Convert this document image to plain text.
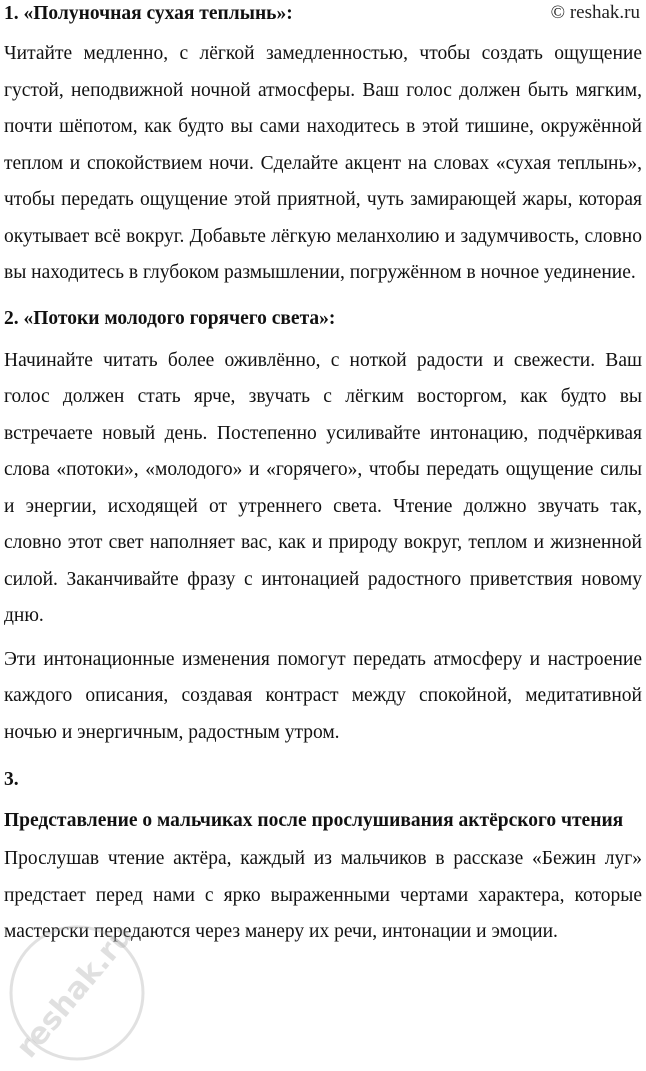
1. «Полуночная сухая теплынь»:	© reshak.ru

Читайте медленно, с лёгкой замедленностью, чтобы создать ощущение густой, неподвижной ночной атмосферы. Ваш голос должен быть мягким, почти шёпотом, как будто вы сами находитесь в этой тишине, окружённой теплом и спокойствием ночи. Сделайте акцент на словах «сухая теплынь», чтобы передать ощущение этой приятной, чуть замирающей жары, которая окутывает всё вокруг. Добавьте лёгкую меланхолию и задумчивость, словно вы находитесь в глубоком размышлении, погружённом в ночное уединение.

2. «Потоки молодого горячего света»:

Начинайте читать более оживлённо, с ноткой радости и свежести. Ваш голос должен стать ярче, звучать с лёгким восторгом, как будто вы встречаете новый день. Постепенно усиливайте интонацию, подчёркивая слова «потоки», «молодого» и «горячего», чтобы передать ощущение силы и энергии, исходящей от утреннего света. Чтение должно звучать так, словно этот свет наполняет вас, как и природу вокруг, теплом и жизненной силой. Заканчивайте фразу с интонацией радостного приветствия новому дню.

Эти интонационные изменения помогут передать атмосферу и настроение каждого описания, создавая контраст между спокойной, медитативной ночью и энергичным, радостным утром.

3.
Представление о мальчиках после прослушивания актёрского чтения

Прослушав чтение актёра, каждый из мальчиков в рассказе «Бежин луг» предстает перед нами с ярко выраженными чертами характера, которые мастерски передаются через манеру их речи, интонации и эмоции.

reshak.ru
